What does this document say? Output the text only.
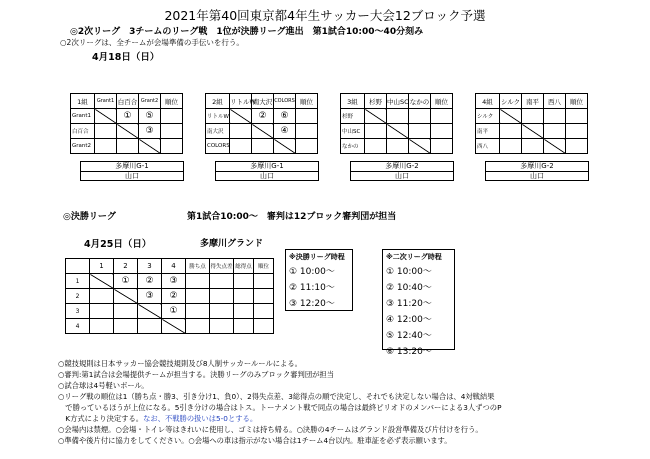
2021年第40回東京都4年生サッカー大会12ブロック予選
◎2次リーグ　3チームのリーグ戦　1位が決勝リーグ進出　第1試合10:00～40分刻み
○2次リーグは、全チームが会場準備の手伝いを行う。
4月18日（日）
1組	Grant1	白百合	Grant2	順位
Grant1		①	⑤	
白百合			③	
Grant2				
多摩川G-1
山口
2組	リトルW	南大沢	COLORS	順位
リトルW		②	⑥	
南大沢			④	
COLORS				
多摩川G-1
山口
3組	杉野	中山SC	なかの	順位
杉野				
中山SC				
なかの				
多摩川G-2
山口
4組	シルク	南平	西八	順位
シルク				
南平				
西八				
多摩川G-2
山口
◎決勝リーグ	第1試合10:00～　審判は12ブロック審判団が担当
4月25日（日）	多摩川グランド
	1	2	3	4	勝ち点	得失点差	総得点	順位
1		①	②	③				
2			③	②				
3				①				
4								
※決勝リーグ時程
① 10:00～
② 11:10～
③ 12:20～
※二次リーグ時程
① 10:00～
② 10:40～
③ 11:20～
④ 12:00～
⑤ 12:40～
⑥ 13:20～
○競技規則は日本サッカー協会競技規則及び8人制サッカールールによる。
○審判:第1試合は会場提供チームが担当する。決勝リーグのみブロック審判団が担当
○試合球は4号軽いボール。
○リーグ戦の順位は1（勝ち点・勝3、引き分け1、負0）、2得失点差、3総得点の順で決定し、それでも決定しない場合は、4対戦結果
　で勝っているほうが上位になる。5引き分けの場合はトス。トーナメント戦で同点の場合は最終ピリオドのメンバーによる3人ずつのP
　K方式により決定する。なお、不戦勝の扱いは5-0とする。
○会場内は禁煙。○会場・トイレ等はきれいに使用し、ゴミは持ち帰る。○決勝の4チームはグランド設営準備及び片付けを行う。
○準備や後片付に協力をしてください。○会場への車は指示がない場合は1チーム4台以内。駐車証を必ず表示願います。
